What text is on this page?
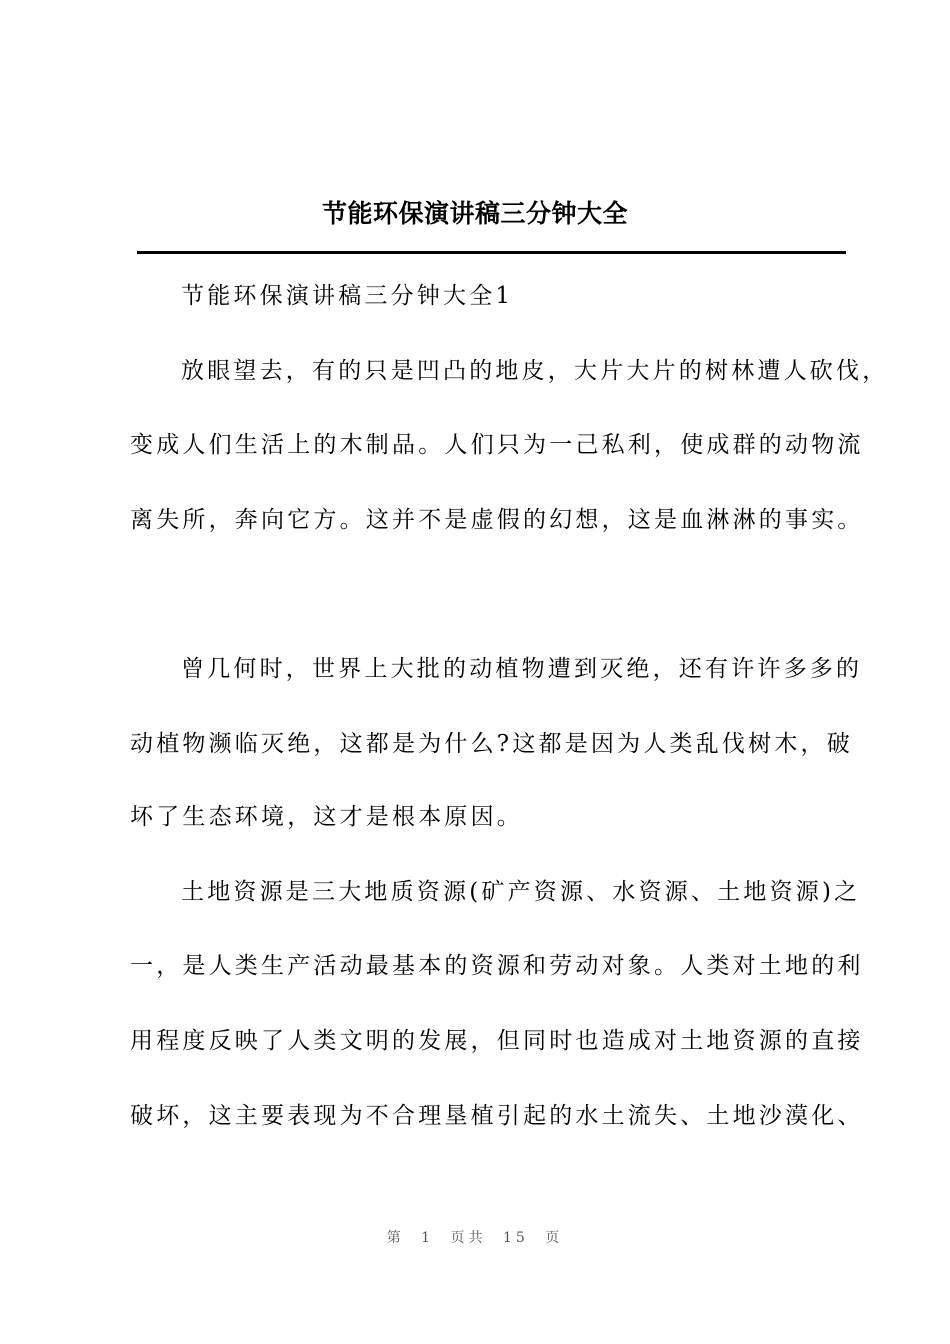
节能环保演讲稿三分钟大全
节能环保演讲稿三分钟大全1
放眼望去，有的只是凹凸的地皮，大片大片的树林遭人砍伐，
变成人们生活上的木制品。人们只为一己私利，使成群的动物流
离失所，奔向它方。这并不是虚假的幻想，这是血淋淋的事实。
曾几何时，世界上大批的动植物遭到灭绝，还有许许多多的
动植物濒临灭绝，这都是为什么?这都是因为人类乱伐树木，破
坏了生态环境，这才是根本原因。
土地资源是三大地质资源(矿产资源、水资源、土地资源)之
一，是人类生产活动最基本的资源和劳动对象。人类对土地的利
用程度反映了人类文明的发展，但同时也造成对土地资源的直接
破坏，这主要表现为不合理垦植引起的水土流失、土地沙漠化、
第 1 页共 15 页
